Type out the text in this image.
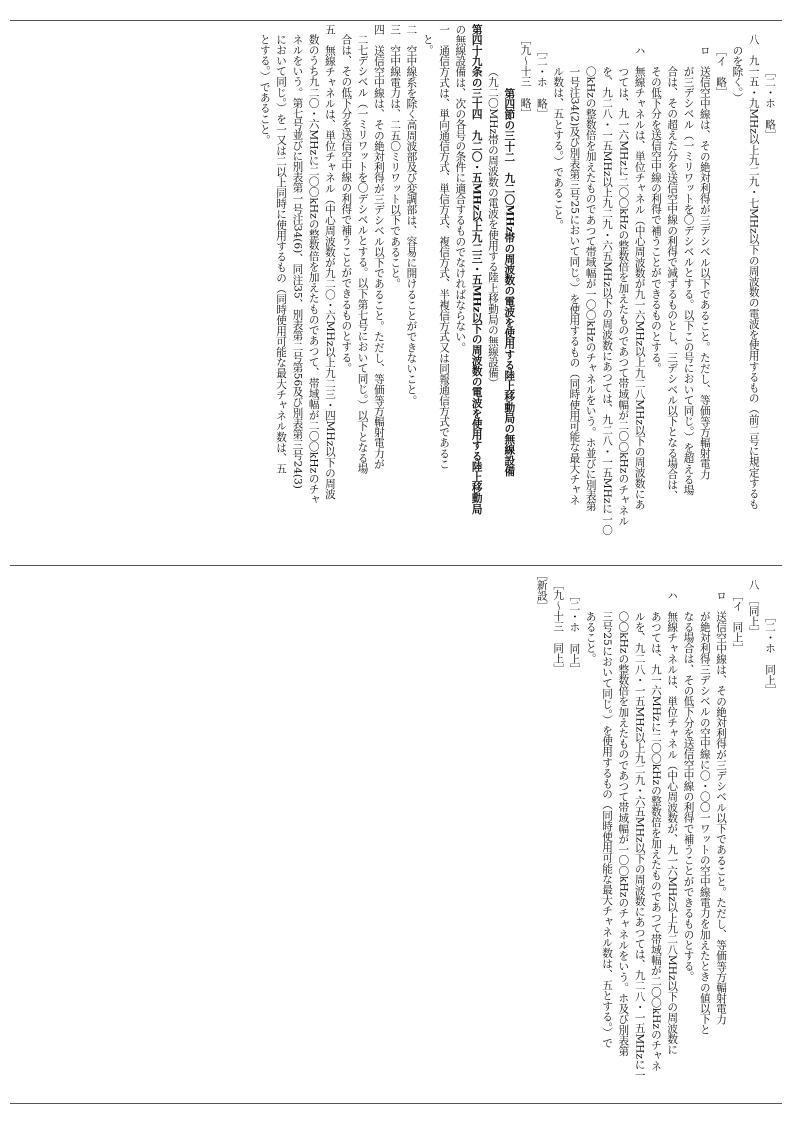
［二・ホ　略］

八　九一五・九MHz以上九二九・七MHz以下の周波数の電波を使用するもの（前二号に規定するも

のを除く。）

［イ　略］

ロ　送信空中線は、その絶対利得が三デシベル以下であること。ただし、等価等方輻射電力

が三デシベル（一ミリワットを〇デシベルとする。以下この号において同じ。）を超える場

合は、その超えた分を送信空中線の利得で減ずるものとし、三デシベル以下となる場合は、

その低下分を送信空中線の利得で補うことができるものとする。

ハ　無線チャネルは、単位チャネル（中心周波数が九一六MHz以上九二八MHz以下の周波数にあ

つては、九一六MHzに二〇〇kHzの整数倍を加えたものであつて帯域幅が二〇〇kHzのチャネル

を、九二八・一五MHz以上九二九・六五MHz以下の周波数にあつては、九二八・一五MHzに一〇

〇kHzの整数倍を加えたものであつて帯域幅が一〇〇kHzのチャネルをいう。ホ並びに別表第

一号注34(2)及び別表第三号25において同じ。）を使用するもの（同時使用可能な最大チャネ

ル数は、五とする。）であること。

［二・ホ　略］

［九～十三　略］

第四節の三十二　九二〇MHz帯の周波数の電波を使用する陸上移動局の無線設備

（九二〇MHz帯の周波数の電波を使用する陸上移動局の無線設備）

第四十九条の三十四　九二〇・五MHz以上九二三・五MHz以下の周波数の電波を使用する陸上移動局

の無線設備は、次の各号の条件に適合するものでなければならない。

一　通信方式は、単向通信方式、単信方式、複信方式、半複信方式又は同報通信方式であるこ

と。

二　空中線系を除く高周波部及び変調部は、容易に開けることができないこと。

三　空中線電力は、二五〇ミリワット以下であること。

四　送信空中線は、その絶対利得が三デシベル以下であること。ただし、等価等方輻射電力が

二七デシベル（一ミリワットを〇デシベルとする。以下第七号において同じ。）以下となる場

合は、その低下分を送信空中線の利得で補うことができるものとする。

五　無線チャネルは、単位チャネル（中心周波数が九二〇・六MHz以上九二三・四MHz以下の周波

数のうち九二〇・六MHzに二〇〇kHzの整数倍を加えたものであつて、帯域幅が二〇〇kHzのチャ

ネルをいう。第七号並びに別表第一号注34(6)、同注35、別表第二号第56及び別表第三号24(3)

において同じ。）を一又は二以上同時に使用するもの（同時使用可能な最大チャネル数は、五

とする。）であること。

［二・ホ　同上］

八　［同上］

［イ　同上］

ロ　送信空中線は、その絶対利得が三デシベル以下であること。ただし、等価等方輻射電力

が絶対利得三デシベルの空中線に〇・〇〇一ワットの空中線電力を加えたときの値以下と

なる場合は、その低下分を送信空中線の利得で補うことができるものとする。

ハ　無線チャネルは、単位チャネル（中心周波数が、九一六MHz以上九二八MHz以下の周波数に

あつては、九一六MHzに二〇〇kHzの整数倍を加えたものであつて帯域幅が二〇〇kHzのチャネ

ルを、九二八・一五MHz以上九二九・六五MHz以下の周波数にあつては、九二八・一五MHzに一

〇〇kHzの整数倍を加えたものであつて帯域幅が一〇〇kHzのチャネルをいう。ホ及び別表第

三号25において同じ。）を使用するもの（同時使用可能な最大チャネル数は、五とする。）で

あること。

［二・ホ　同上］

［九～十三　同上］

［新設］
